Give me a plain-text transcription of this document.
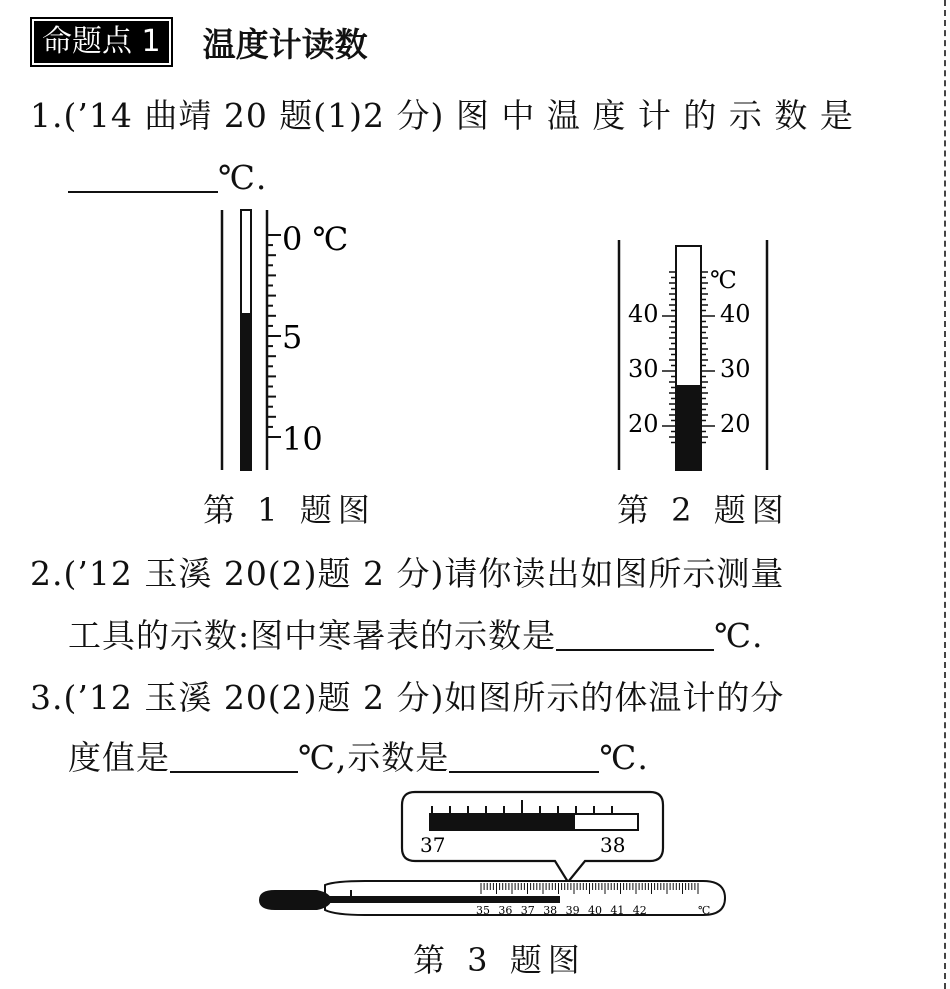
命题点 1	温度计读数
1.(’14 曲靖 20 题(1)2 分) 图 中 温 度 计 的 示 数 是
℃.
0 ℃
5
10
第 1 题图
℃
40
30
20
40
30
20
第 2 题图
2.(’12 玉溪 20(2)题 2 分)请你读出如图所示测量
工具的示数:图中寒暑表的示数是	℃.
3.(’12 玉溪 20(2)题 2 分)如图所示的体温计的分
度值是	℃,示数是	℃.
37	38
35 36 37 38 39 40 41 42	℃
第 3 题图
